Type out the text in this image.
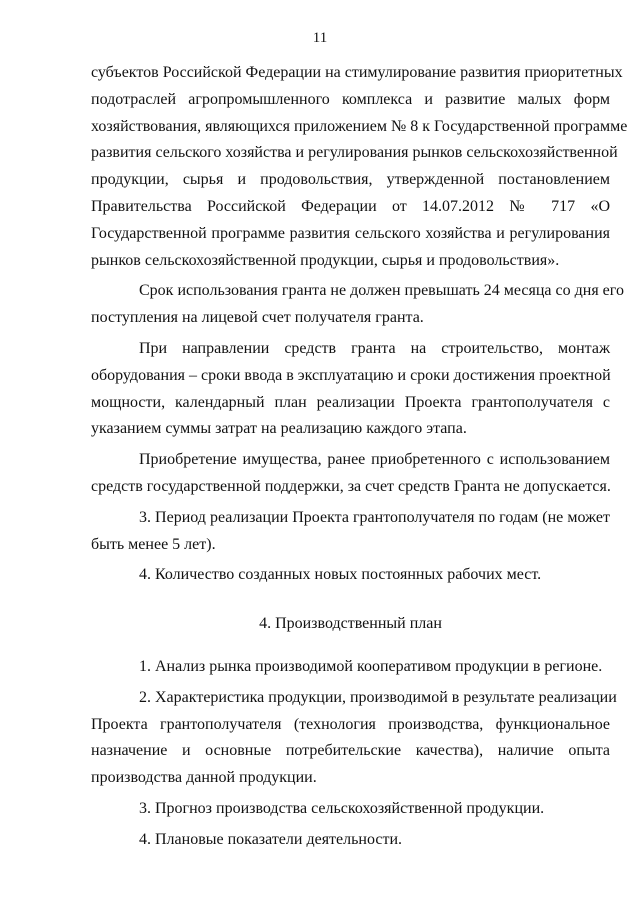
11

субъектов Российской Федерации на стимулирование развития приоритетных
подотраслей агропромышленного комплекса и развитие малых форм
хозяйствования, являющихся приложением № 8 к Государственной программе
развития сельского хозяйства и регулирования рынков сельскохозяйственной
продукции, сырья и продовольствия, утвержденной постановлением
Правительства Российской Федерации от 14.07.2012 № 717 «О
Государственной программе развития сельского хозяйства и регулирования
рынков сельскохозяйственной продукции, сырья и продовольствия».

Срок использования гранта не должен превышать 24 месяца со дня его
поступления на лицевой счет получателя гранта.

При направлении средств гранта на строительство, монтаж
оборудования – сроки ввода в эксплуатацию и сроки достижения проектной
мощности, календарный план реализации Проекта грантополучателя с
указанием суммы затрат на реализацию каждого этапа.

Приобретение имущества, ранее приобретенного с использованием
средств государственной поддержки, за счет средств Гранта не допускается.

3. Период реализации Проекта грантополучателя по годам (не может
быть менее 5 лет).

4. Количество созданных новых постоянных рабочих мест.

4. Производственный план

1. Анализ рынка производимой кооперативом продукции в регионе.

2. Характеристика продукции, производимой в результате реализации
Проекта грантополучателя (технология производства, функциональное
назначение и основные потребительские качества), наличие опыта
производства данной продукции.

3. Прогноз производства сельскохозяйственной продукции.

4. Плановые показатели деятельности.
